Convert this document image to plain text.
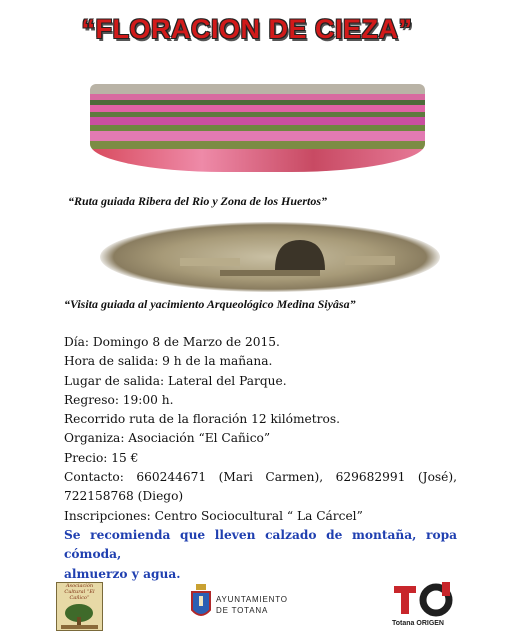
“FLORACION DE CIEZA”
“Ruta guiada Ribera del Rio y Zona de los Huertos”
“Visita guiada al yacimiento Arqueológico Medina Siyâsa”
Día: Domingo 8 de Marzo de 2015.
Hora de salida: 9 h de la mañana.
Lugar de salida: Lateral del Parque.
Regreso: 19:00 h.
Recorrido ruta de la floración 12 kilómetros.
Organiza: Asociación “El Cañico”
Precio: 15 €
Contacto: 660244671 (Mari Carmen), 629682991 (José),
722158768 (Diego)
Inscripciones: Centro Sociocultural “ La Cárcel”
Se recomienda que lleven calzado de montaña, ropa cómoda,
almuerzo y agua.
Asociación Cultural “El Cañico”	AYUNTAMIENTO
DE TOTANA
Totana ORIGEN
